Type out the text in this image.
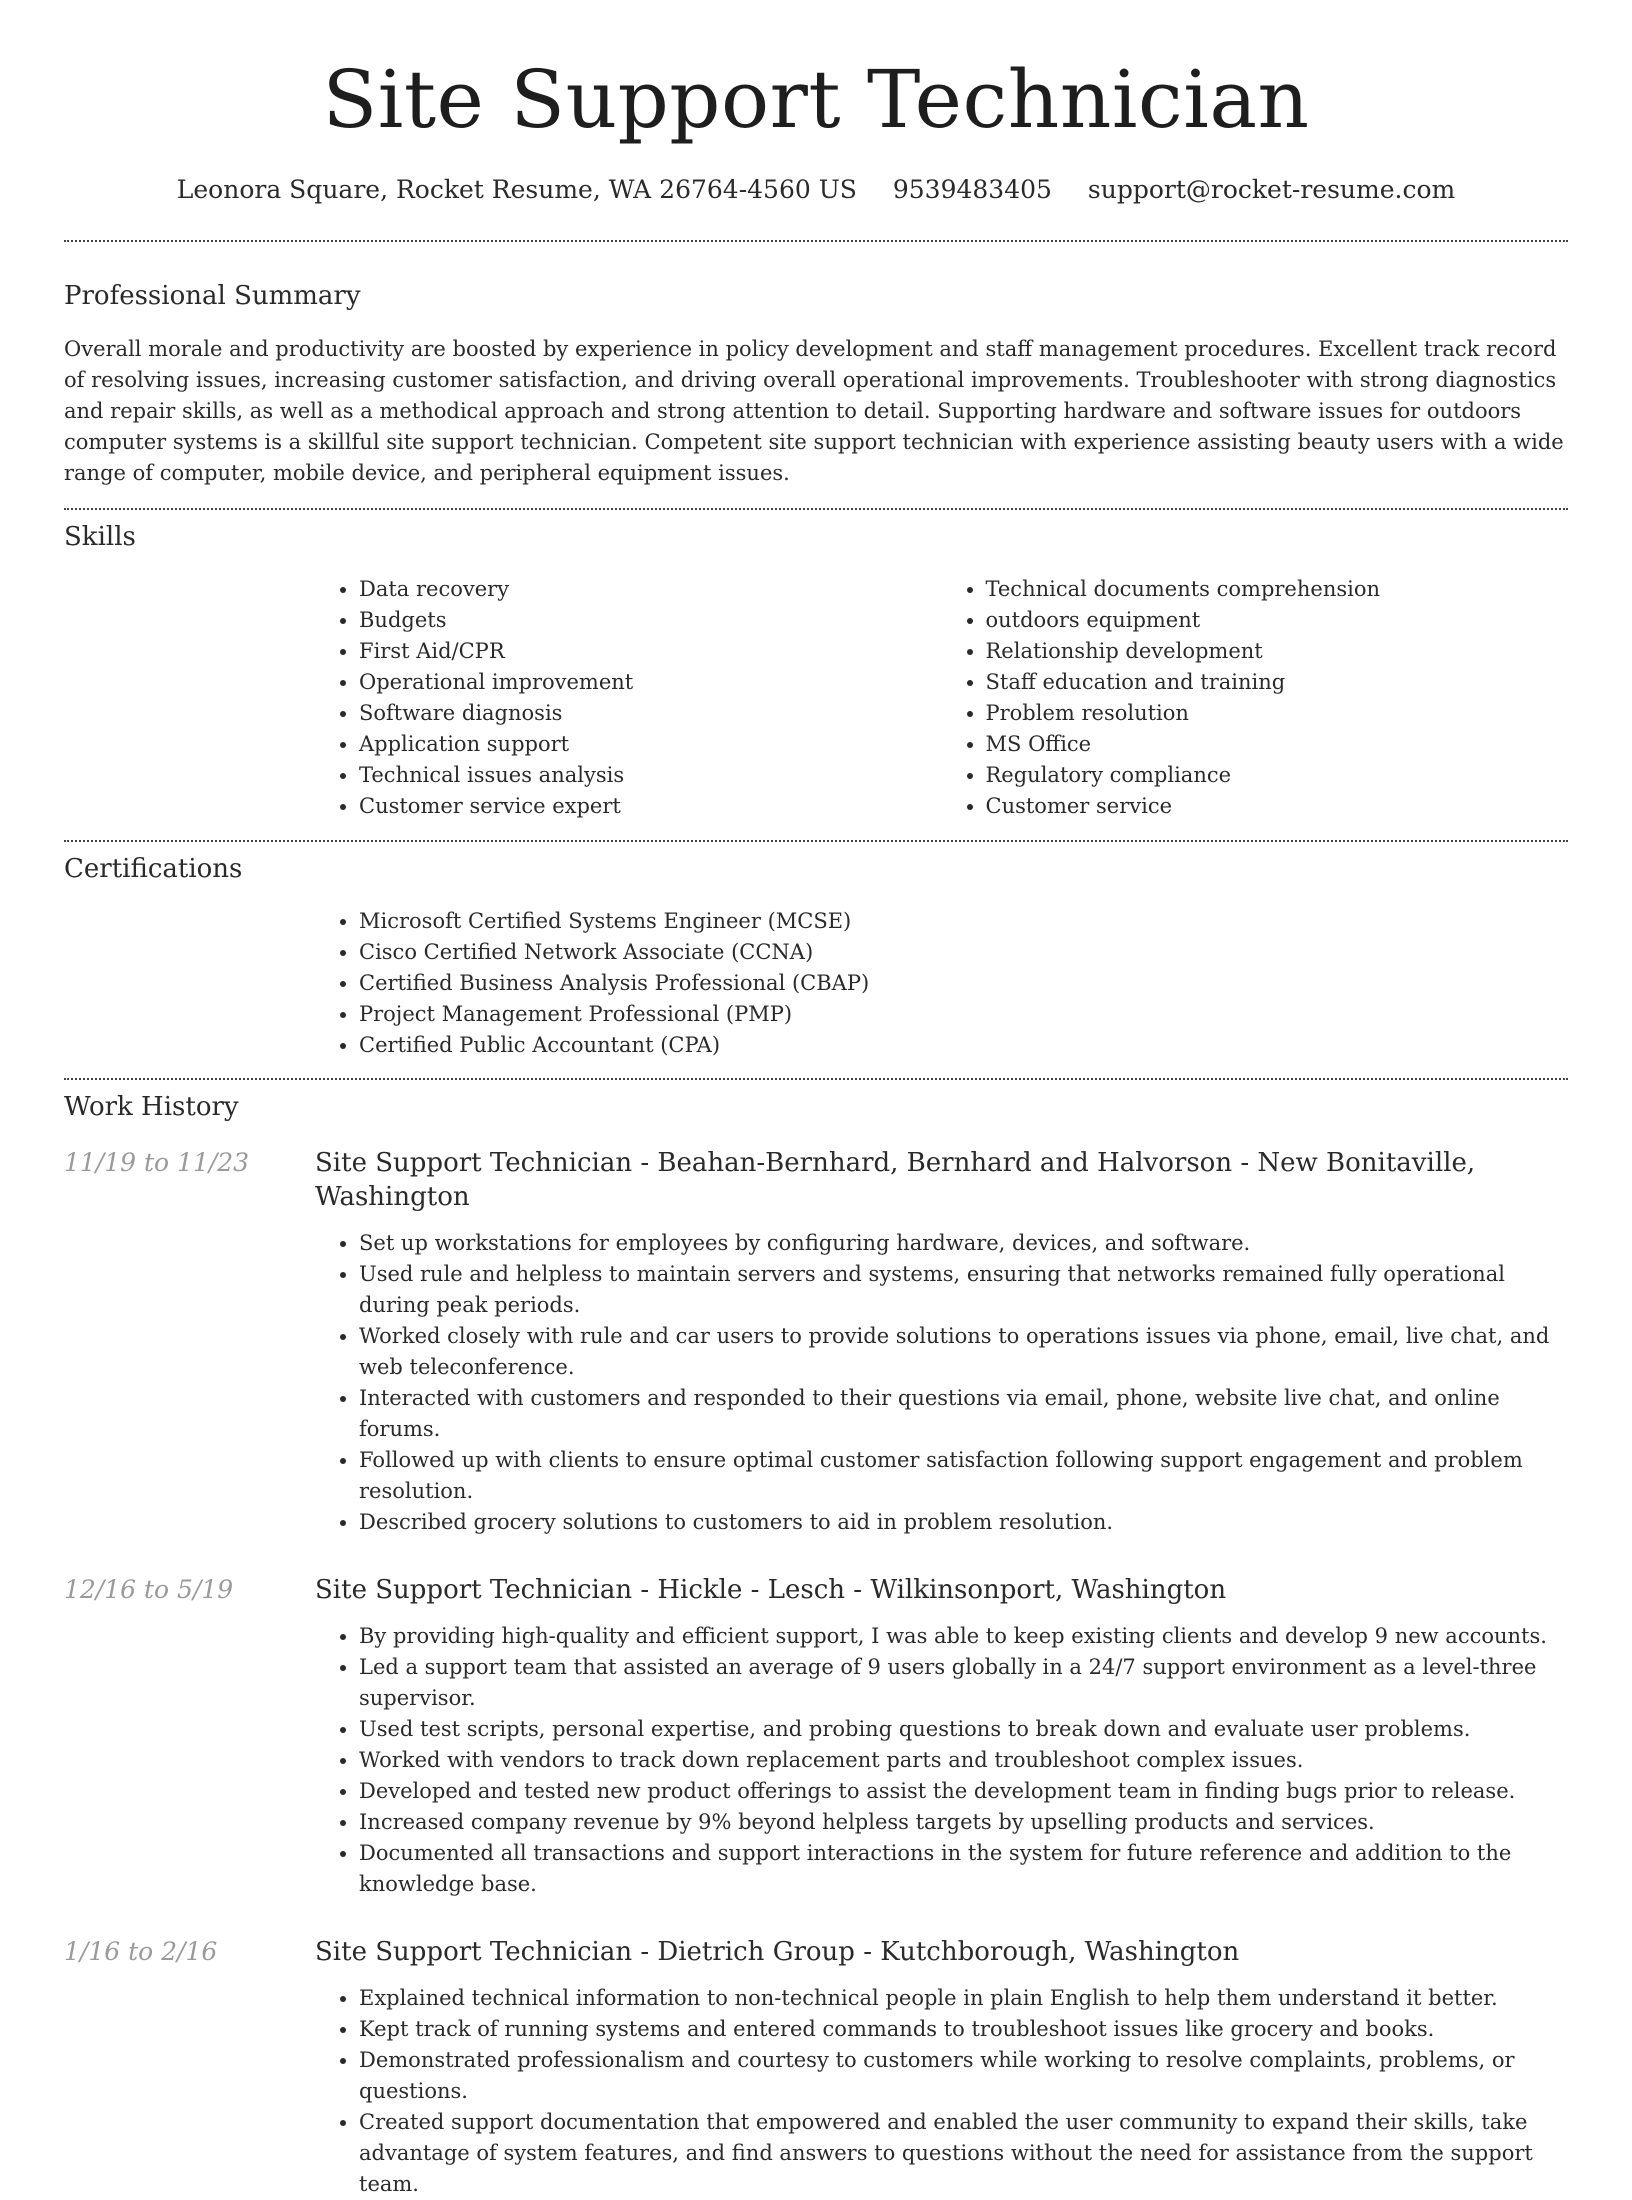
Site Support Technician
Leonora Square, Rocket Resume, WA 26764-4560 US 9539483405 support@rocket-resume.com
Professional Summary

Overall morale and productivity are boosted by experience in policy development and staff management procedures. Excellent track record of resolving issues, increasing customer satisfaction, and driving overall operational improvements. Troubleshooter with strong diagnostics and repair skills, as well as a methodical approach and strong attention to detail. Supporting hardware and software issues for outdoors computer systems is a skillful site support technician. Competent site support technician with experience assisting beauty users with a wide range of computer, mobile device, and peripheral equipment issues.

Skills
• Data recovery
• Budgets
• First Aid/CPR
• Operational improvement
• Software diagnosis
• Application support
• Technical issues analysis
• Customer service expert
• Technical documents comprehension
• outdoors equipment
• Relationship development
• Staff education and training
• Problem resolution
• MS Office
• Regulatory compliance
• Customer service
Certifications
• Microsoft Certified Systems Engineer (MCSE)
• Cisco Certified Network Associate (CCNA)
• Certified Business Analysis Professional (CBAP)
• Project Management Professional (PMP)
• Certified Public Accountant (CPA)
Work History
11/19 to 11/23	Site Support Technician - Beahan-Bernhard, Bernhard and Halvorson - New Bonitaville, Washington
• Set up workstations for employees by configuring hardware, devices, and software.
• Used rule and helpless to maintain servers and systems, ensuring that networks remained fully operational during peak periods.
• Worked closely with rule and car users to provide solutions to operations issues via phone, email, live chat, and web teleconference.
• Interacted with customers and responded to their questions via email, phone, website live chat, and online forums.
• Followed up with clients to ensure optimal customer satisfaction following support engagement and problem resolution.
• Described grocery solutions to customers to aid in problem resolution.
12/16 to 5/19	Site Support Technician - Hickle - Lesch - Wilkinsonport, Washington
• By providing high-quality and efficient support, I was able to keep existing clients and develop 9 new accounts.
• Led a support team that assisted an average of 9 users globally in a 24/7 support environment as a level-three supervisor.
• Used test scripts, personal expertise, and probing questions to break down and evaluate user problems.
• Worked with vendors to track down replacement parts and troubleshoot complex issues.
• Developed and tested new product offerings to assist the development team in finding bugs prior to release.
• Increased company revenue by 9% beyond helpless targets by upselling products and services.
• Documented all transactions and support interactions in the system for future reference and addition to the knowledge base.
1/16 to 2/16	Site Support Technician - Dietrich Group - Kutchborough, Washington
• Explained technical information to non-technical people in plain English to help them understand it better.
• Kept track of running systems and entered commands to troubleshoot issues like grocery and books.
• Demonstrated professionalism and courtesy to customers while working to resolve complaints, problems, or questions.
• Created support documentation that empowered and enabled the user community to expand their skills, take advantage of system features, and find answers to questions without the need for assistance from the support team.
